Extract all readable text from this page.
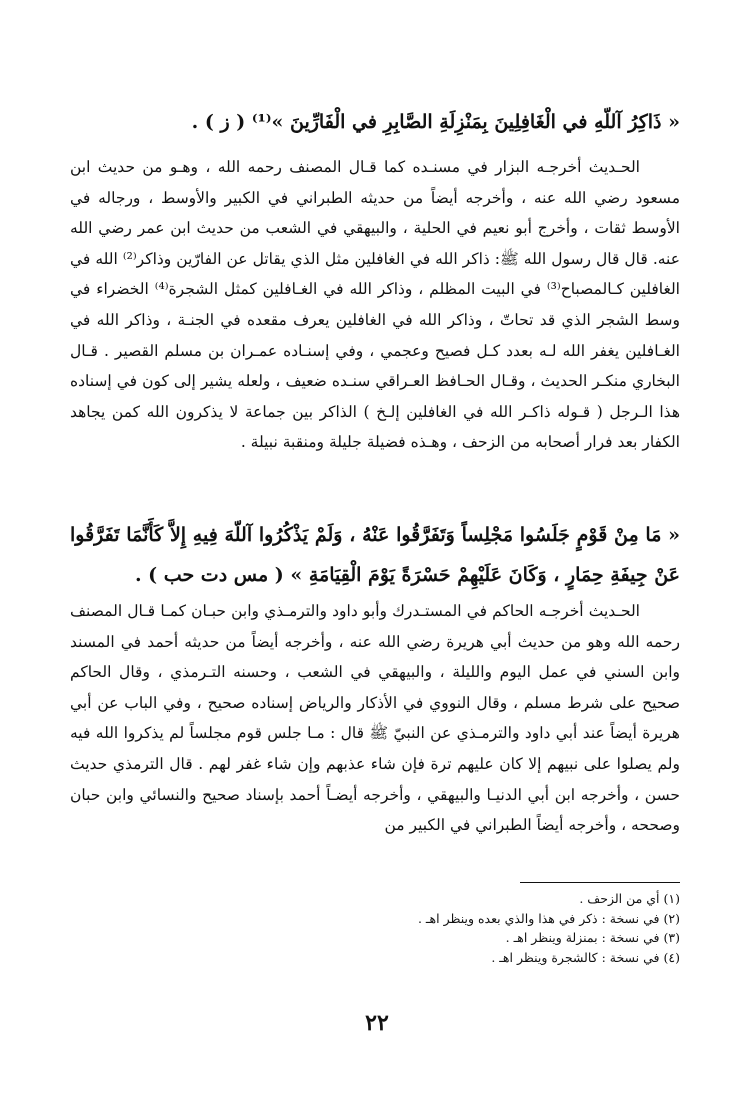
« ذَاكِرُ آللّهِ في الْغَافِلِينَ بِمَنْزِلَةِ الصَّابِرِ في الْفَارِّينَ »⁽¹⁾ ( ز ) .

الحـديث أخرجـه البزار في مسنـده كما قـال المصنف رحمه الله ، وهـو من حديث ابن مسعود رضي الله عنه ، وأخرجه أيضاً من حديثه الطبراني في الكبير والأوسط ، ورجاله في الأوسط ثقات ، وأخرج أبو نعيم في الحلية ، والبيهقي في الشعب من حديث ابن عمر رضي الله عنه. قال قال رسول الله ﷺ: ذاكر الله في الغافلين مثل الذي يقاتل عن الفارّين وذاكر⁽²⁾ الله في الغافلين كـالمصباح⁽³⁾ في البيت المظلم ، وذاكر الله في الغـافلين كمثل الشجرة⁽⁴⁾ الخضراء في وسط الشجر الذي قد تحاتّ ، وذاكر الله في الغافلين يعرف مقعده في الجنـة ، وذاكر الله في الغـافلين يغفر الله لـه بعدد كـل فصيح وعجمي ، وفي إسنـاده عمـران بن مسلم القصير . قـال البخاري منكـر الحديث ، وقـال الحـافظ العـراقي سنـده ضعيف ، ولعله يشير إلى كون في إسناده هذا الـرجل ( قـوله ذاكـر الله في الغافلين إلـخ ) الذاكر بين جماعة لا يذكرون الله كمن يجاهد الكفار بعد فرار أصحابه من الزحف ، وهـذه فضيلة جليلة ومنقبة نبيلة .

« مَا مِنْ قَوْمٍ جَلَسُوا مَجْلِساً وَتَفَرَّقُوا عَنْهُ ، وَلَمْ يَذْكُرُوا آللّهَ فِيهِ إِلاَّ كَأَنَّمَا تَفَرَّقُوا عَنْ جِيفَةِ حِمَارٍ ، وَكَانَ عَلَيْهِمْ حَسْرَةً يَوْمَ الْقِيَامَةِ » ( مس دت حب ) .

الحـديث أخرجـه الحاكم في المستـدرك وأبو داود والترمـذي وابن حبـان كمـا قـال المصنف رحمه الله وهو من حديث أبي هريرة رضي الله عنه ، وأخرجه أيضاً من حديثه أحمد في المسند وابن السني في عمل اليوم والليلة ، والبيهقي في الشعب ، وحسنه التـرمذي ، وقال الحاكم صحيح على شرط مسلم ، وقال النووي في الأذكار والرياض إسناده صحيح ، وفي الباب عن أبي هريرة أيضاً عند أبي داود والترمـذي عن النبيّ ﷺ قال : مـا جلس قوم مجلساً لم يذكروا الله فيه ولم يصلوا على نبيهم إلا كان عليهم ترة فإن شاء عذبهم وإن شاء غفر لهم . قال الترمذي حديث حسن ، وأخرجه ابن أبي الدنيـا والبيهقي ، وأخرجه أيضـاً أحمد بإسناد صحيح والنسائي وابن حبان وصححه ، وأخرجه أيضاً الطبراني في الكبير من

(١) أي من الزحف .
(٢) في نسخة : ذكر في هذا والذي بعده وينظر اهـ .
(٣) في نسخة : بمنزلة وينظر اهـ .
(٤) في نسخة : كالشجرة وينظر اهـ .
٢٢
